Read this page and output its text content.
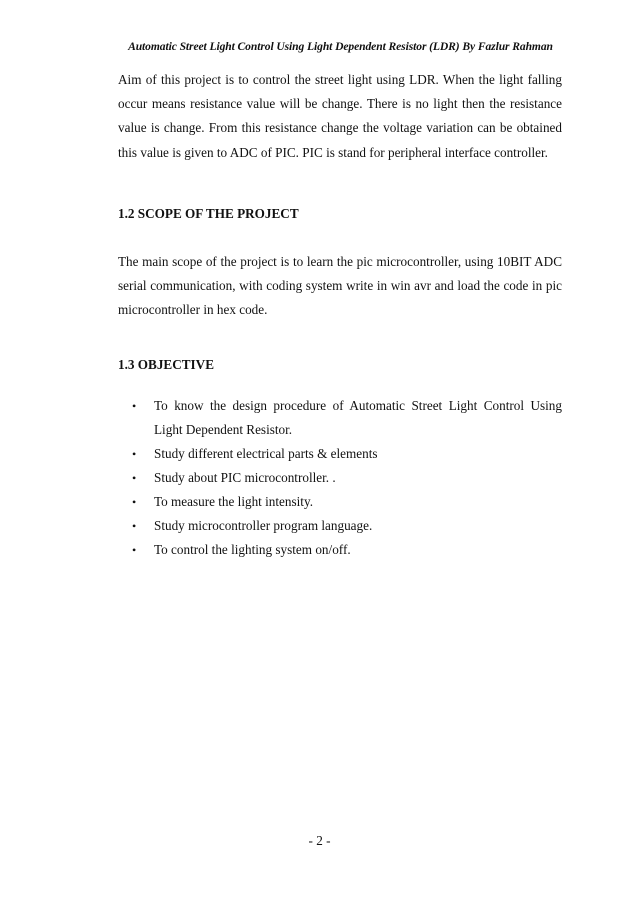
Automatic Street Light Control Using Light Dependent Resistor (LDR) By Fazlur Rahman

Aim of this project is to control the street light using LDR. When the light falling occur means resistance value will be change. There is no light then the resistance value is change. From this resistance change the voltage variation can be obtained this value is given to ADC of PIC. PIC is stand for peripheral interface controller.

1.2 SCOPE OF THE PROJECT

The main scope of the project is to learn the pic microcontroller, using 10BIT ADC serial communication, with coding system write in win avr and load the code in pic microcontroller in hex code.

1.3 OBJECTIVE
• To know the design procedure of Automatic Street Light Control Using Light Dependent Resistor.
• Study different electrical parts & elements
• Study about PIC microcontroller. .
• To measure the light intensity.
• Study microcontroller program language.
• To control the lighting system on/off.
- 2 -
